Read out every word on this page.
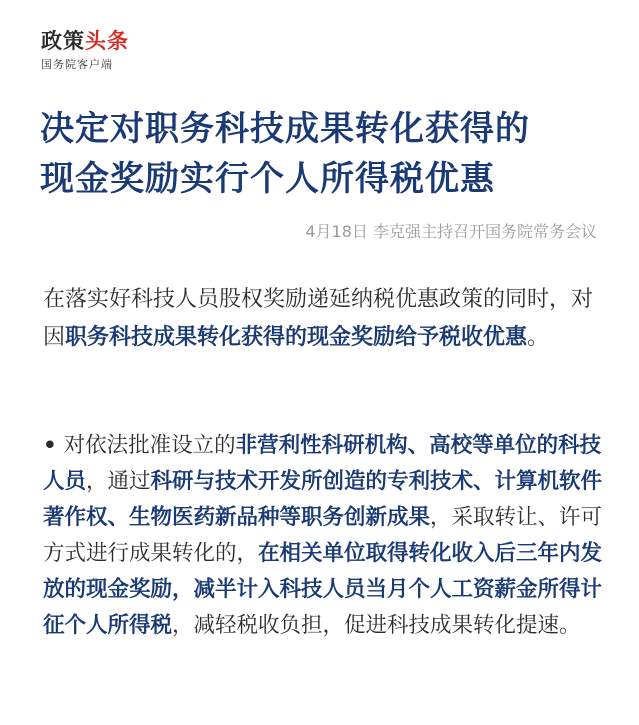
政策头条
国务院客户端
决定对职务科技成果转化获得的
现金奖励实行个人所得税优惠
4月18日 李克强主持召开国务院常务会议

在落实好科技人员股权奖励递延纳税优惠政策的同时，对因职务科技成果转化获得的现金奖励给予税收优惠。

• 对依法批准设立的非营利性科研机构、高校等单位的科技人员，通过科研与技术开发所创造的专利技术、计算机软件著作权、生物医药新品种等职务创新成果，采取转让、许可方式进行成果转化的，在相关单位取得转化收入后三年内发放的现金奖励，减半计入科技人员当月个人工资薪金所得计征个人所得税，减轻税收负担，促进科技成果转化提速。
